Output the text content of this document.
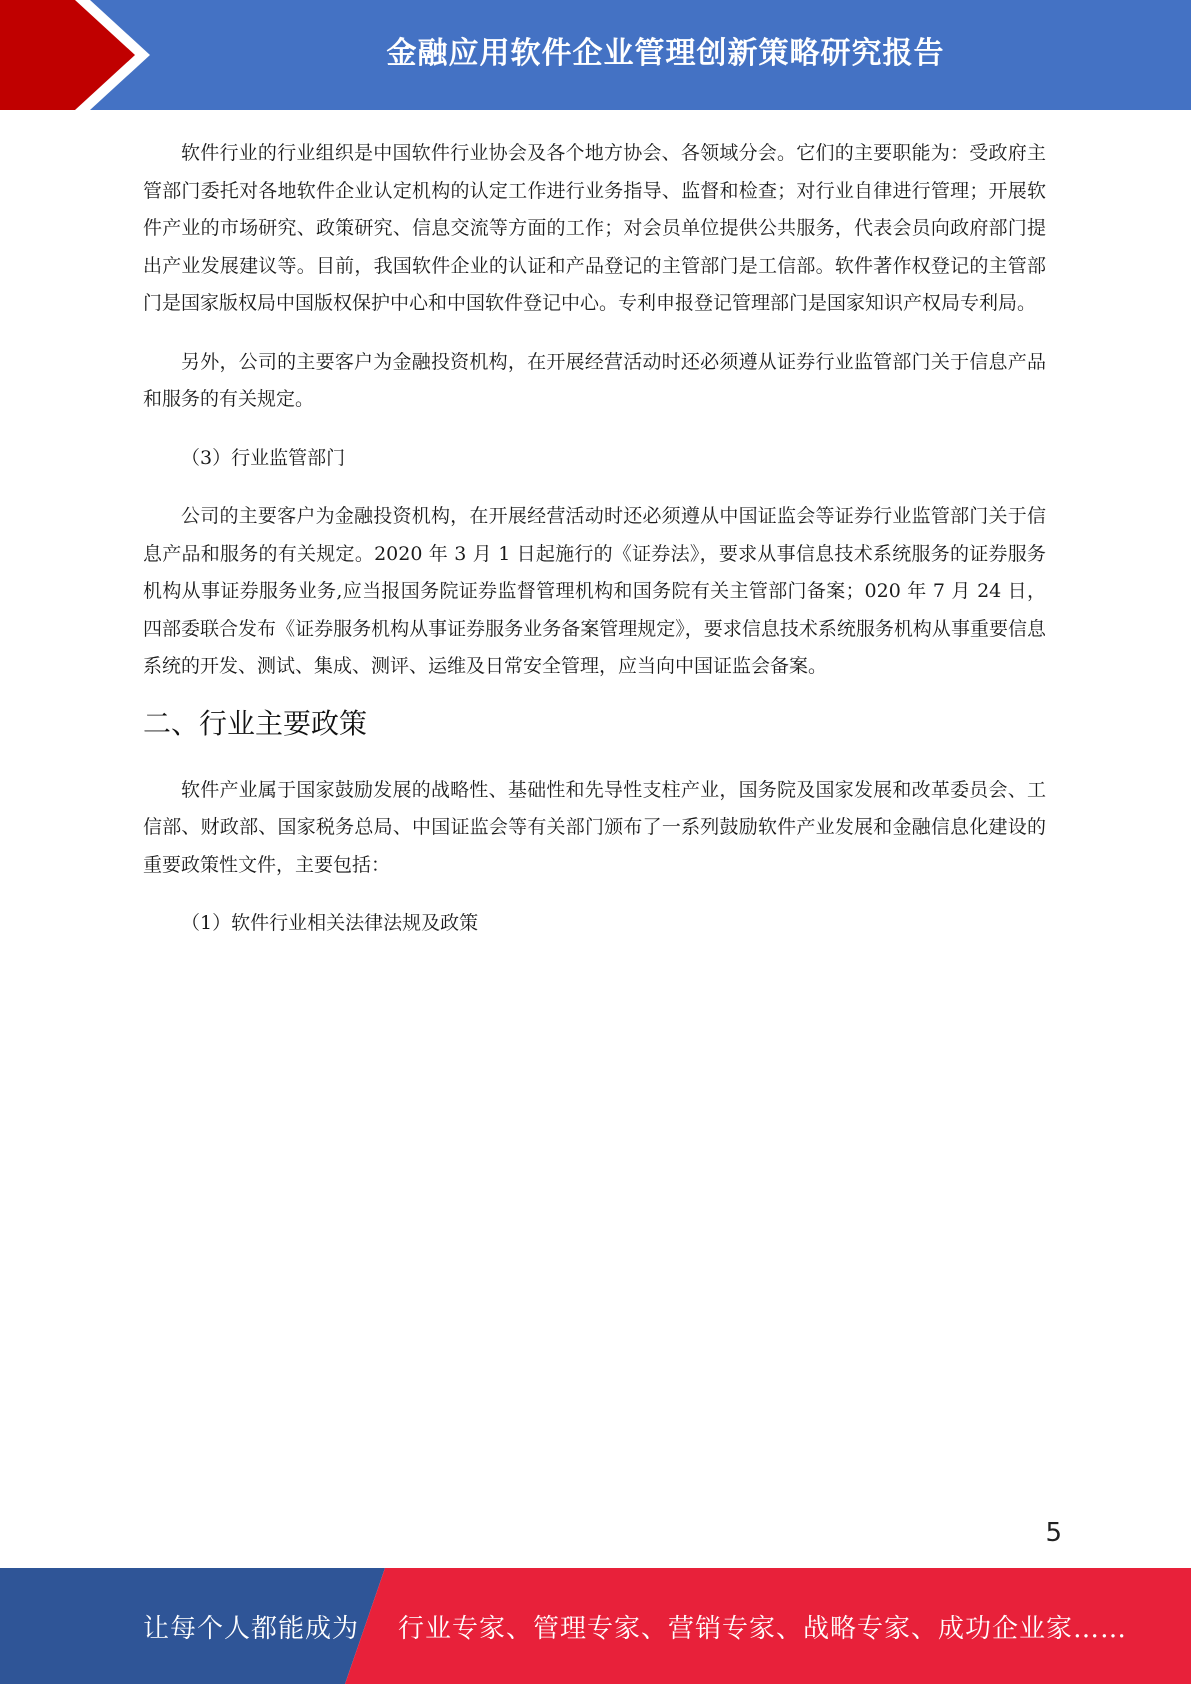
金融应用软件企业管理创新策略研究报告

软件行业的行业组织是中国软件行业协会及各个地方协会、各领域分会。它们的主要职能为：受政府主管部门委托对各地软件企业认定机构的认定工作进行业务指导、监督和检查；对行业自律进行管理；开展软件产业的市场研究、政策研究、信息交流等方面的工作；对会员单位提供公共服务，代表会员向政府部门提出产业发展建议等。目前，我国软件企业的认证和产品登记的主管部门是工信部。软件著作权登记的主管部门是国家版权局中国版权保护中心和中国软件登记中心。专利申报登记管理部门是国家知识产权局专利局。

另外，公司的主要客户为金融投资机构，在开展经营活动时还必须遵从证券行业监管部门关于信息产品和服务的有关规定。

（3）行业监管部门

公司的主要客户为金融投资机构，在开展经营活动时还必须遵从中国证监会等证券行业监管部门关于信息产品和服务的有关规定。2020 年 3 月 1 日起施行的《证券法》，要求从事信息技术系统服务的证券服务机构从事证券服务业务,应当报国务院证券监督管理机构和国务院有关主管部门备案；020 年 7 月 24 日，四部委联合发布《证券服务机构从事证券服务业务备案管理规定》，要求信息技术系统服务机构从事重要信息系统的开发、测试、集成、测评、运维及日常安全管理，应当向中国证监会备案。

二、行业主要政策

软件产业属于国家鼓励发展的战略性、基础性和先导性支柱产业，国务院及国家发展和改革委员会、工信部、财政部、国家税务总局、中国证监会等有关部门颁布了一系列鼓励软件产业发展和金融信息化建设的重要政策性文件，主要包括：

（1）软件行业相关法律法规及政策

5
让每个人都能成为 行业专家、管理专家、营销专家、战略专家、成功企业家……
